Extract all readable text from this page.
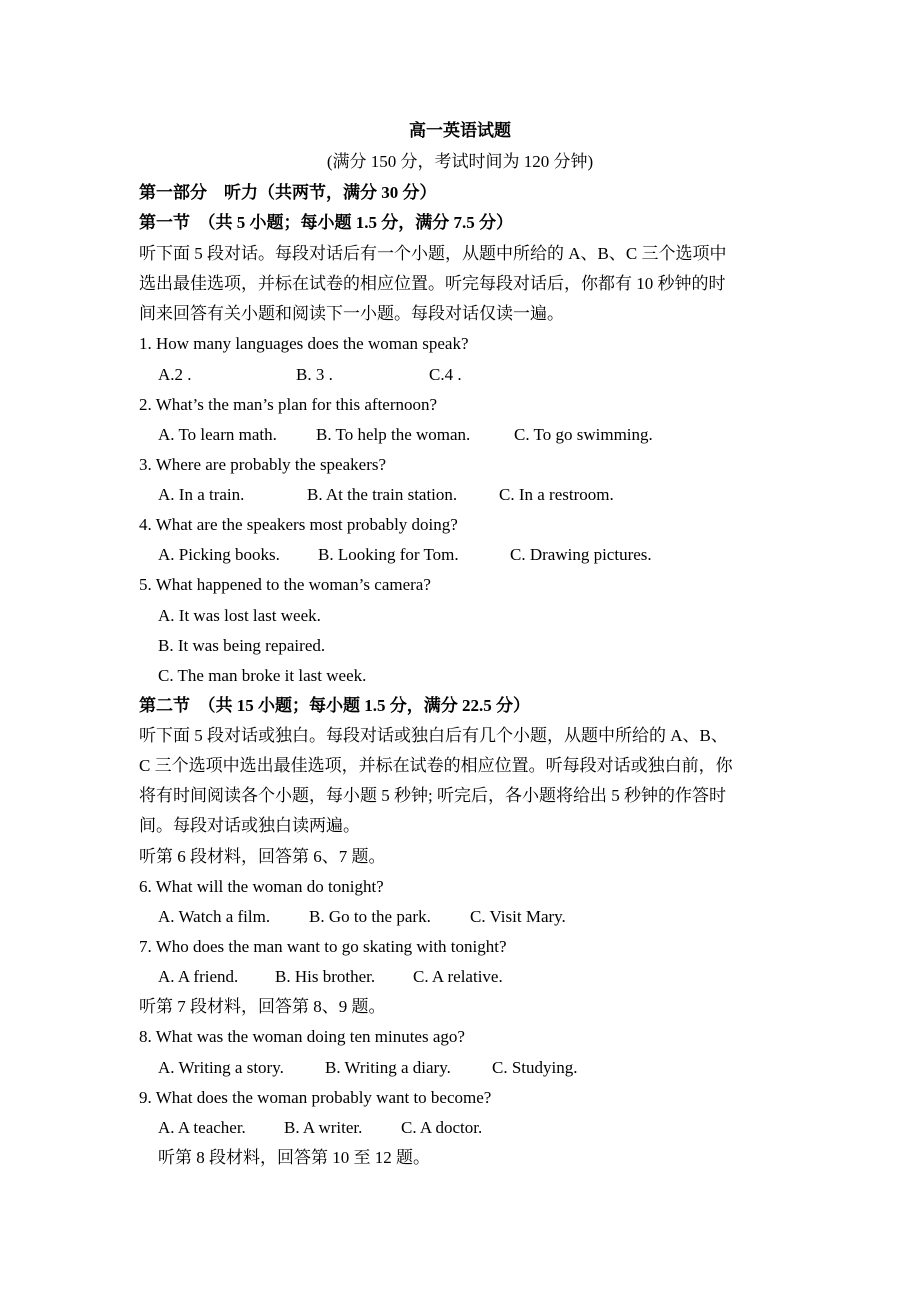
高一英语试题
(满分 150 分，考试时间为 120 分钟)
第一部分　听力（共两节，满分 30 分）
第一节　（共 5 小题；每小题 1.5 分，满分 7.5 分）
听下面 5 段对话。每段对话后有一个小题，从题中所给的 A、B、C 三个选项中
选出最佳选项，并标在试卷的相应位置。听完每段对话后，你都有 10 秒钟的时
间来回答有关小题和阅读下一小题。每段对话仅读一遍。
1. How many languages does the woman speak?
A.2 .	B. 3 .	C.4 .
2. What’s the man’s plan for this afternoon?
A. To learn math. B. To help the woman.	C. To go swimming.
3. Where are probably the speakers?
A. In a train.	B. At the train station. C. In a restroom.
4. What are the speakers most probably doing?
A. Picking books. B. Looking for Tom.	C. Drawing pictures.
5. What happened to the woman’s camera?
A. It was lost last week.
B. It was being repaired.
C. The man broke it last week.
第二节　（共 15 小题；每小题 1.5 分，满分 22.5 分）
听下面 5 段对话或独白。每段对话或独白后有几个小题，从题中所给的 A、B、
C 三个选项中选出最佳选项，并标在试卷的相应位置。听每段对话或独白前，你
将有时间阅读各个小题，每小题 5 秒钟; 听完后，各小题将给出 5 秒钟的作答时
间。每段对话或独白读两遍。
听第 6 段材料，回答第 6、7 题。
6. What will the woman do tonight?
A. Watch a film. B. Go to the park. C. Visit Mary.
7. Who does the man want to go skating with tonight?
A. A friend. B. His brother. C. A relative.
听第 7 段材料，回答第 8、9 题。
8. What was the woman doing ten minutes ago?
A. Writing a story. B. Writing a diary. C. Studying.
9. What does the woman probably want to become?
A. A teacher. B. A writer. C. A doctor.
听第 8 段材料，回答第 10 至 12 题。
